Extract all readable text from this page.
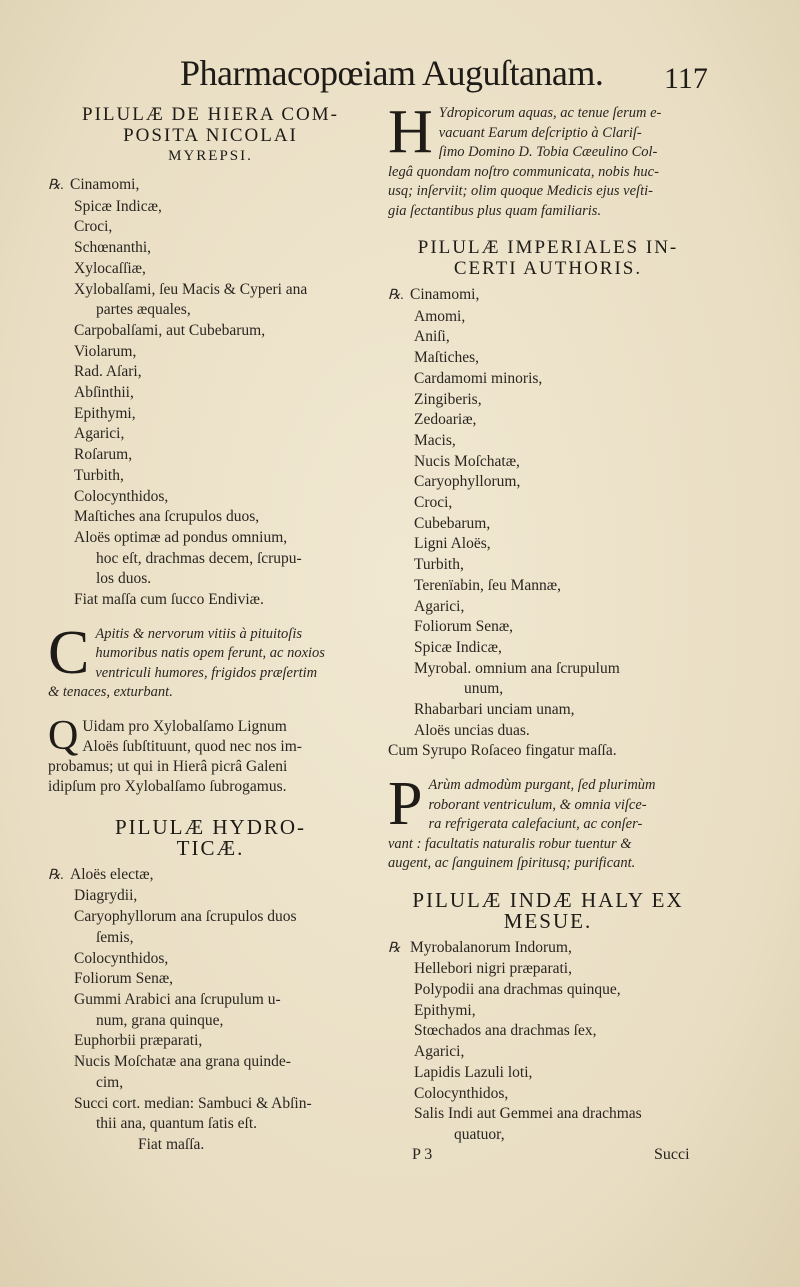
Pharmacopœiam Auguſtanam. 117
PILULÆ DE HIERA COM-
POSITA NICOLAI
MYREPSI.
℞. Cinamomi,
Spicæ Indicæ,
Croci,
Schœnanthi,
Xylocaſſiæ,
Xylobalſami, ſeu Macis & Cyperi ana
partes æquales,
Carpobalſami, aut Cubebarum,
Violarum,
Rad. Aſari,
Abſinthii,
Epithymi,
Agarici,
Roſarum,
Turbith,
Colocynthidos,
Maſtiches ana ſcrupulos duos,
Aloës optimæ ad pondus omnium,
hoc eſt, drachmas decem, ſcrupu-
los duos.
Fiat maſſa cum ſucco Endiviæ.
C Apitis & nervorum vitiis à pituitoſis
humoribus natis opem ferunt, ac noxios
ventriculi humores, frigidos præſertim
& tenaces, exturbant.
Q Uidam pro Xylobalſamo Lignum
Aloës ſubſtituunt, quod nec nos im-
probamus; ut qui in Hierâ picrâ Galeni
idipſum pro Xylobalſamo ſubrogamus.
PILULÆ HYDRO-
TICÆ.
℞. Aloës electæ,
Diagrydii,
Caryophyllorum ana ſcrupulos duos
ſemis,
Colocynthidos,
Foliorum Senæ,
Gummi Arabici ana ſcrupulum u-
num, grana quinque,
Euphorbii præparati,
Nucis Moſchatæ ana grana quinde-
cim,
Succi cort. median: Sambuci & Abſin-
thii ana, quantum ſatis eſt.
Fiat maſſa.
H Ydropicorum aquas, ac tenue ſerum e-
vacuant Earum deſcriptio à Clariſ-
ſimo Domino D. Tobia Cæeulino Col-
legâ quondam noſtro communicata, nobis huc-
usq; inſerviit; olim quoque Medicis ejus veſti-
gia ſectantibus plus quam familiaris.
PILULÆ IMPERIALES IN-
CERTI AUTHORIS.
℞. Cinamomi,
Amomi,
Aniſi,
Maſtiches,
Cardamomi minoris,
Zingiberis,
Zedoariæ,
Macis,
Nucis Moſchatæ,
Caryophyllorum,
Croci,
Cubebarum,
Ligni Aloës,
Turbith,
Terenïabin, ſeu Mannæ,
Agarici,
Foliorum Senæ,
Spicæ Indicæ,
Myrobal. omnium ana ſcrupulum
unum,
Rhabarbari unciam unam,
Aloës uncias duas.
Cum Syrupo Roſaceo fingatur maſſa.
P Arùm admodùm purgant, ſed plurimùm
roborant ventriculum, & omnia viſce-
ra refrigerata calefaciunt, ac conſer-
vant : facultatis naturalis robur tuentur &
augent, ac ſanguinem ſpiritusq; purificant.
PILULÆ INDÆ HALY EX
MESUE.
℞ Myrobalanorum Indorum,
Hellebori nigri præparati,
Polypodii ana drachmas quinque,
Epithymi,
Stœchados ana drachmas ſex,
Agarici,
Lapidis Lazuli loti,
Colocynthidos,
Salis Indi aut Gemmei ana drachmas
quatuor,
P 3	Succi
